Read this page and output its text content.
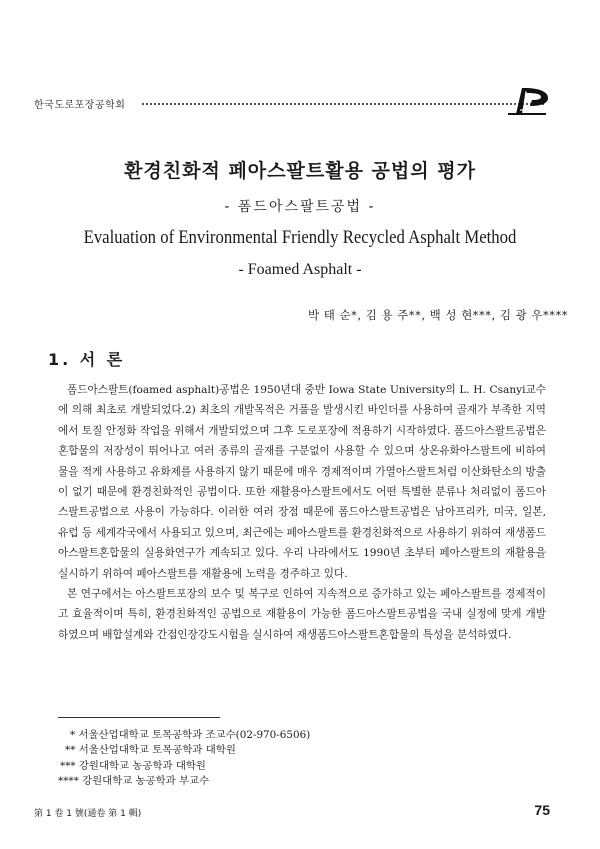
한국도로포장공학회
환경친화적 페아스팔트활용 공법의 평가
- 폼드아스팔트공법 -
Evaluation of Environmental Friendly Recycled Asphalt Method
- Foamed Asphalt -
박 태 순*, 김 용 주**, 백 성 현***, 김 광 우****
1. 서 론

폼드아스팔트(foamed asphalt)공법은 1950년대 중반 Iowa State University의 L. H. Csanyi교수에 의해 최초로 개발되었다.2) 최초의 개발목적은 거품을 발생시킨 바인더를 사용하여 골재가 부족한 지역에서 토질 안정화 작업을 위해서 개발되었으며 그후 도로포장에 적용하기 시작하였다. 폼드아스팔트공법은 혼합물의 저장성이 뛰어나고 여러 종류의 골재를 구분없이 사용할 수 있으며 상온유화아스팔트에 비하여 물을 적게 사용하고 유화제를 사용하지 않기 때문에 매우 경제적이며 가열아스팔트처럼 이산화탄소의 방출이 없기 때문에 환경친화적인 공법이다. 또한 재활용아스팔트에서도 어떤 특별한 분류나 처리없이 폼드아스팔트공법으로 사용이 가능하다. 이러한 여러 장점 때문에 폼드아스팔트공법은 남아프리카, 미국, 일본, 유럽 등 세계각국에서 사용되고 있으며, 최근에는 페아스팔트를 환경친화적으로 사용하기 위하여 재생폼드아스팔트혼합물의 실용화연구가 계속되고 있다. 우리 나라에서도 1990년 초부터 페아스팔트의 재활용을 실시하기 위하여 페아스팔트를 재활용에 노력을 경주하고 있다.

본 연구에서는 아스팔트포장의 보수 및 복구로 인하여 지속적으로 증가하고 있는 페아스팔트를 경제적이고 효율적이며 특히, 환경친화적인 공법으로 재활용이 가능한 폼드아스팔트공법을 국내 실정에 맞게 개발하였으며 배합설계와 간접인장강도시험을 실시하여 재생폼드아스팔트혼합물의 특성을 분석하였다.

* 서울산업대학교 토목공학과 조교수(02-970-6506)
** 서울산업대학교 토목공학과 대학원
*** 강원대학교 농공학과 대학원
**** 강원대학교 농공학과 부교수
第 1 卷 1 號(通卷 第 1 輯)	75
